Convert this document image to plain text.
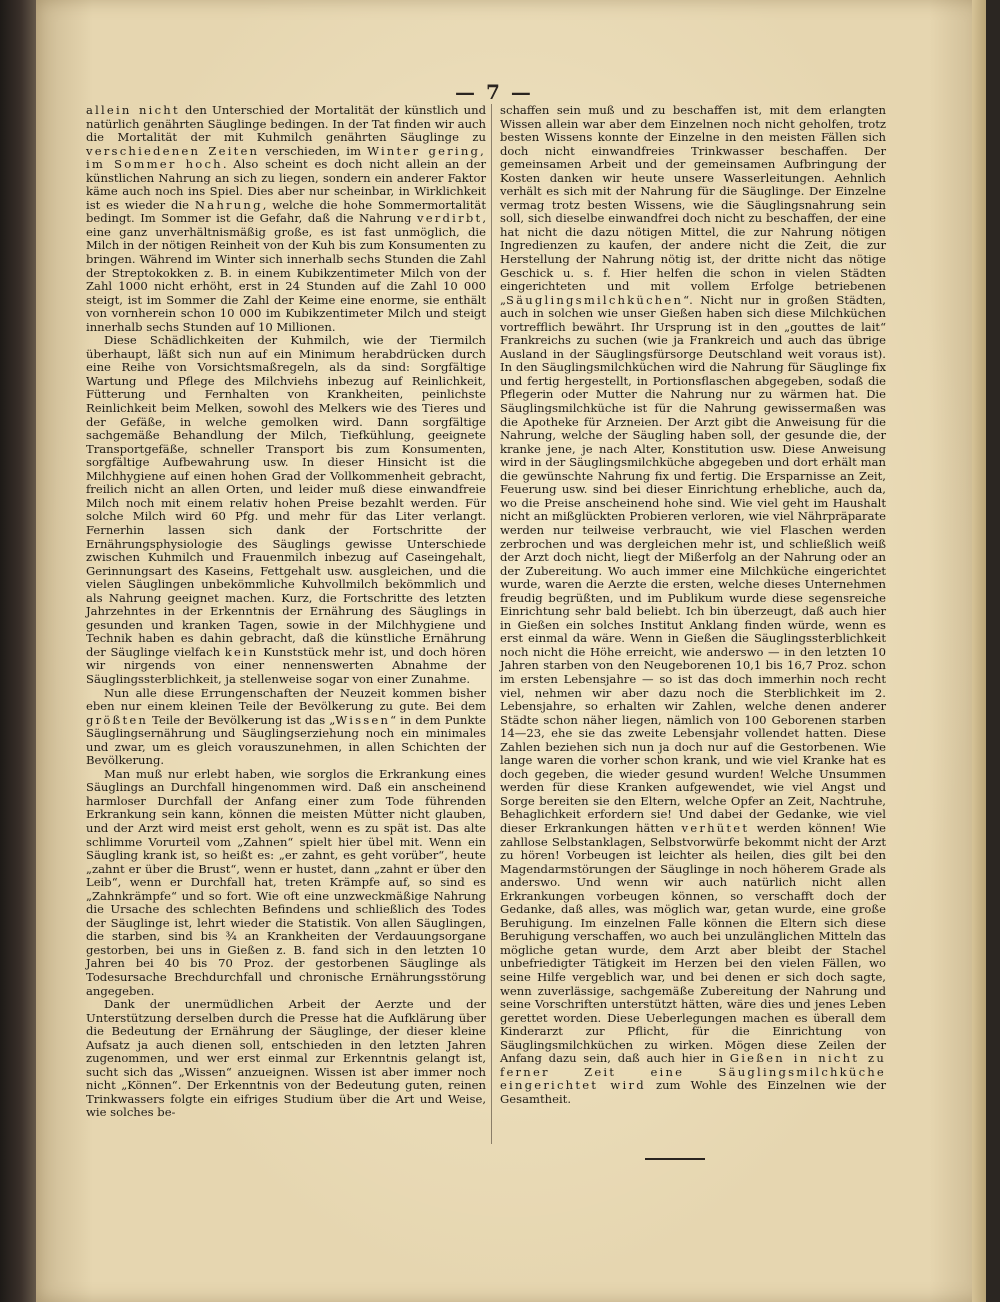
— 7 —

allein nicht den Unterschied der Mortalität der künstlich und natürlich genährten Säuglinge bedingen. In der Tat finden wir auch die Mortalität der mit Kuhmilch genährten Säuglinge zu verschiedenen Zeiten verschieden, im Winter gering, im Sommer hoch. Also scheint es doch nicht allein an der künstlichen Nahrung an sich zu liegen, sondern ein anderer Faktor käme auch noch ins Spiel. Dies aber nur scheinbar, in Wirklichkeit ist es wieder die Nahrung, welche die hohe Sommermortalität bedingt. Im Sommer ist die Gefahr, daß die Nahrung verdirbt, eine ganz unverhältnismäßig große, es ist fast unmöglich, die Milch in der nötigen Reinheit von der Kuh bis zum Konsumenten zu bringen. Während im Winter sich innerhalb sechs Stunden die Zahl der Streptokokken z. B. in einem Kubikzentimeter Milch von der Zahl 1000 nicht erhöht, erst in 24 Stunden auf die Zahl 10 000 steigt, ist im Sommer die Zahl der Keime eine enorme, sie enthält von vornherein schon 10 000 im Kubikzentimeter Milch und steigt innerhalb sechs Stunden auf 10 Millionen.

Diese Schädlichkeiten der Kuhmilch, wie der Tiermilch überhaupt, läßt sich nun auf ein Minimum herabdrücken durch eine Reihe von Vorsichtsmaßregeln, als da sind: Sorgfältige Wartung und Pflege des Milchviehs inbezug auf Reinlichkeit, Fütterung und Fernhalten von Krankheiten, peinlichste Reinlichkeit beim Melken, sowohl des Melkers wie des Tieres und der Gefäße, in welche gemolken wird. Dann sorgfältige sachgemäße Behandlung der Milch, Tiefkühlung, geeignete Transportgefäße, schneller Transport bis zum Konsumenten, sorgfältige Aufbewahrung usw. In dieser Hinsicht ist die Milchhygiene auf einen hohen Grad der Vollkommenheit gebracht, freilich nicht an allen Orten, und leider muß diese einwandfreie Milch noch mit einem relativ hohen Preise bezahlt werden. Für solche Milch wird 60 Pfg. und mehr für das Liter verlangt. Fernerhin lassen sich dank der Fortschritte der Ernährungsphysiologie des Säuglings gewisse Unterschiede zwischen Kuhmilch und Frauenmilch inbezug auf Caseingehalt, Gerinnungsart des Kaseins, Fettgehalt usw. ausgleichen, und die vielen Säuglingen unbekömmliche Kuhvollmilch bekömmlich und als Nahrung geeignet machen. Kurz, die Fortschritte des letzten Jahrzehntes in der Erkenntnis der Ernährung des Säuglings in gesunden und kranken Tagen, sowie in der Milchhygiene und Technik haben es dahin gebracht, daß die künstliche Ernährung der Säuglinge vielfach kein Kunststück mehr ist, und doch hören wir nirgends von einer nennenswerten Abnahme der Säuglingssterblichkeit, ja stellenweise sogar von einer Zunahme.

Nun alle diese Errungenschaften der Neuzeit kommen bisher eben nur einem kleinen Teile der Bevölkerung zu gute. Bei dem größten Teile der Bevölkerung ist das „Wissen“ in dem Punkte Säuglingsernährung und Säuglingserziehung noch ein minimales und zwar, um es gleich vorauszunehmen, in allen Schichten der Bevölkerung.

Man muß nur erlebt haben, wie sorglos die Erkrankung eines Säuglings an Durchfall hingenommen wird. Daß ein anscheinend harmloser Durchfall der Anfang einer zum Tode führenden Erkrankung sein kann, können die meisten Mütter nicht glauben, und der Arzt wird meist erst geholt, wenn es zu spät ist. Das alte schlimme Vorurteil vom „Zahnen“ spielt hier übel mit. Wenn ein Säugling krank ist, so heißt es: „er zahnt, es geht vorüber“, heute „zahnt er über die Brust“, wenn er hustet, dann „zahnt er über den Leib“, wenn er Durchfall hat, treten Krämpfe auf, so sind es „Zahnkrämpfe“ und so fort. Wie oft eine unzweckmäßige Nahrung die Ursache des schlechten Befindens und schließlich des Todes der Säuglinge ist, lehrt wieder die Statistik. Von allen Säuglingen, die starben, sind bis ¾ an Krankheiten der Verdauungsorgane gestorben, bei uns in Gießen z. B. fand sich in den letzten 10 Jahren bei 40 bis 70 Proz. der gestorbenen Säuglinge als Todesursache Brechdurchfall und chronische Ernährungsstörung angegeben.

Dank der unermüdlichen Arbeit der Aerzte und der Unterstützung derselben durch die Presse hat die Aufklärung über die Bedeutung der Ernährung der Säuglinge, der dieser kleine Aufsatz ja auch dienen soll, entschieden in den letzten Jahren zugenommen, und wer erst einmal zur Erkenntnis gelangt ist, sucht sich das „Wissen“ anzueignen. Wissen ist aber immer noch nicht „Können“. Der Erkenntnis von der Bedeutung guten, reinen Trinkwassers folgte ein eifriges Studium über die Art und Weise, wie solches be-

schaffen sein muß und zu beschaffen ist, mit dem erlangten Wissen allein war aber dem Einzelnen noch nicht geholfen, trotz besten Wissens konnte der Einzelne in den meisten Fällen sich doch nicht einwandfreies Trinkwasser beschaffen. Der gemeinsamen Arbeit und der gemeinsamen Aufbringung der Kosten danken wir heute unsere Wasserleitungen. Aehnlich verhält es sich mit der Nahrung für die Säuglinge. Der Einzelne vermag trotz besten Wissens, wie die Säuglingsnahrung sein soll, sich dieselbe einwandfrei doch nicht zu beschaffen, der eine hat nicht die dazu nötigen Mittel, die zur Nahrung nötigen Ingredienzen zu kaufen, der andere nicht die Zeit, die zur Herstellung der Nahrung nötig ist, der dritte nicht das nötige Geschick u. s. f. Hier helfen die schon in vielen Städten eingerichteten und mit vollem Erfolge betriebenen „Säuglingsmilchküchen“. Nicht nur in großen Städten, auch in solchen wie unser Gießen haben sich diese Milchküchen vortrefflich bewährt. Ihr Ursprung ist in den „gouttes de lait“ Frankreichs zu suchen (wie ja Frankreich und auch das übrige Ausland in der Säuglingsfürsorge Deutschland weit voraus ist). In den Säuglingsmilchküchen wird die Nahrung für Säuglinge fix und fertig hergestellt, in Portionsflaschen abgegeben, sodaß die Pflegerin oder Mutter die Nahrung nur zu wärmen hat. Die Säuglingsmilchküche ist für die Nahrung gewissermaßen was die Apotheke für Arzneien. Der Arzt gibt die Anweisung für die Nahrung, welche der Säugling haben soll, der gesunde die, der kranke jene, je nach Alter, Konstitution usw. Diese Anweisung wird in der Säuglingsmilchküche abgegeben und dort erhält man die gewünschte Nahrung fix und fertig. Die Ersparnisse an Zeit, Feuerung usw. sind bei dieser Einrichtung erhebliche, auch da, wo die Preise anscheinend hohe sind. Wie viel geht im Haushalt nicht an mißglückten Probieren verloren, wie viel Nährpräparate werden nur teilweise verbraucht, wie viel Flaschen werden zerbrochen und was dergleichen mehr ist, und schließlich weiß der Arzt doch nicht, liegt der Mißerfolg an der Nahrung oder an der Zubereitung. Wo auch immer eine Milchküche eingerichtet wurde, waren die Aerzte die ersten, welche dieses Unternehmen freudig begrüßten, und im Publikum wurde diese segensreiche Einrichtung sehr bald beliebt. Ich bin überzeugt, daß auch hier in Gießen ein solches Institut Anklang finden würde, wenn es erst einmal da wäre. Wenn in Gießen die Säuglingssterblichkeit noch nicht die Höhe erreicht, wie anderswo — in den letzten 10 Jahren starben von den Neugeborenen 10,1 bis 16,7 Proz. schon im ersten Lebensjahre — so ist das doch immerhin noch recht viel, nehmen wir aber dazu noch die Sterblichkeit im 2. Lebensjahre, so erhalten wir Zahlen, welche denen anderer Städte schon näher liegen, nämlich von 100 Geborenen starben 14—23, ehe sie das zweite Lebensjahr vollendet hatten. Diese Zahlen beziehen sich nun ja doch nur auf die Gestorbenen. Wie lange waren die vorher schon krank, und wie viel Kranke hat es doch gegeben, die wieder gesund wurden! Welche Unsummen werden für diese Kranken aufgewendet, wie viel Angst und Sorge bereiten sie den Eltern, welche Opfer an Zeit, Nachtruhe, Behaglichkeit erfordern sie! Und dabei der Gedanke, wie viel dieser Erkrankungen hätten verhütet werden können! Wie zahllose Selbstanklagen, Selbstvorwürfe bekommt nicht der Arzt zu hören! Vorbeugen ist leichter als heilen, dies gilt bei den Magendarmstörungen der Säuglinge in noch höherem Grade als anderswo. Und wenn wir auch natürlich nicht allen Erkrankungen vorbeugen können, so verschafft doch der Gedanke, daß alles, was möglich war, getan wurde, eine große Beruhigung. Im einzelnen Falle können die Eltern sich diese Beruhigung verschaffen, wo auch bei unzulänglichen Mitteln das mögliche getan wurde, dem Arzt aber bleibt der Stachel unbefriedigter Tätigkeit im Herzen bei den vielen Fällen, wo seine Hilfe vergeblich war, und bei denen er sich doch sagte, wenn zuverlässige, sachgemäße Zubereitung der Nahrung und seine Vorschriften unterstützt hätten, wäre dies und jenes Leben gerettet worden. Diese Ueberlegungen machen es überall dem Kinderarzt zur Pflicht, für die Einrichtung von Säuglingsmilchküchen zu wirken. Mögen diese Zeilen der Anfang dazu sein, daß auch hier in Gießen in nicht zu ferner Zeit eine Säuglingsmilchküche eingerichtet wird zum Wohle des Einzelnen wie der Gesamtheit.
